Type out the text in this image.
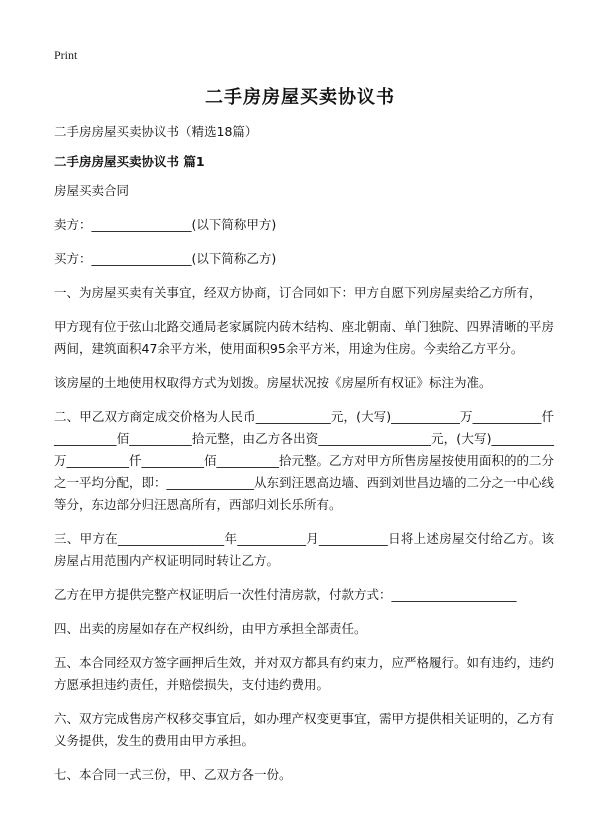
Print
二手房房屋买卖协议书
二手房房屋买卖协议书（精选18篇）
二手房房屋买卖协议书 篇1

房屋买卖合同

卖方：________________(以下简称甲方)

买方：________________(以下简称乙方)

一、为房屋买卖有关事宜，经双方协商，订合同如下：甲方自愿下列房屋卖给乙方所有，

甲方现有位于弦山北路交通局老家属院内砖木结构、座北朝南、单门独院、四界清晰的平房两间，建筑面积47余平方米，使用面积95余平方米，用途为住房。今卖给乙方平分。

该房屋的土地使用权取得方式为划拨。房屋状况按《房屋所有权证》标注为准。

二、甲乙双方商定成交价格为人民币____________元，(大写)___________万___________仟__________佰__________拾元整，由乙方各出资__________________元，(大写)__________万__________仟__________佰__________拾元整。乙方对甲方所售房屋按使用面积的的二分之一平均分配，即：______________从东到汪恩高边墙、西到刘世昌边墙的二分之一中心线等分，东边部分归汪恩高所有，西部归刘长乐所有。

三、甲方在_________________年___________月___________日将上述房屋交付给乙方。该房屋占用范围内产权证明同时转让乙方。

乙方在甲方提供完整产权证明后一次性付清房款，付款方式：____________________

四、出卖的房屋如存在产权纠纷，由甲方承担全部责任。

五、本合同经双方签字画押后生效，并对双方都具有约束力，应严格履行。如有违约，违约方愿承担违约责任，并赔偿损失，支付违约费用。

六、双方完成售房产权移交事宜后，如办理产权变更事宜，需甲方提供相关证明的，乙方有义务提供，发生的费用由甲方承担。

七、本合同一式三份，甲、乙双方各一份。
